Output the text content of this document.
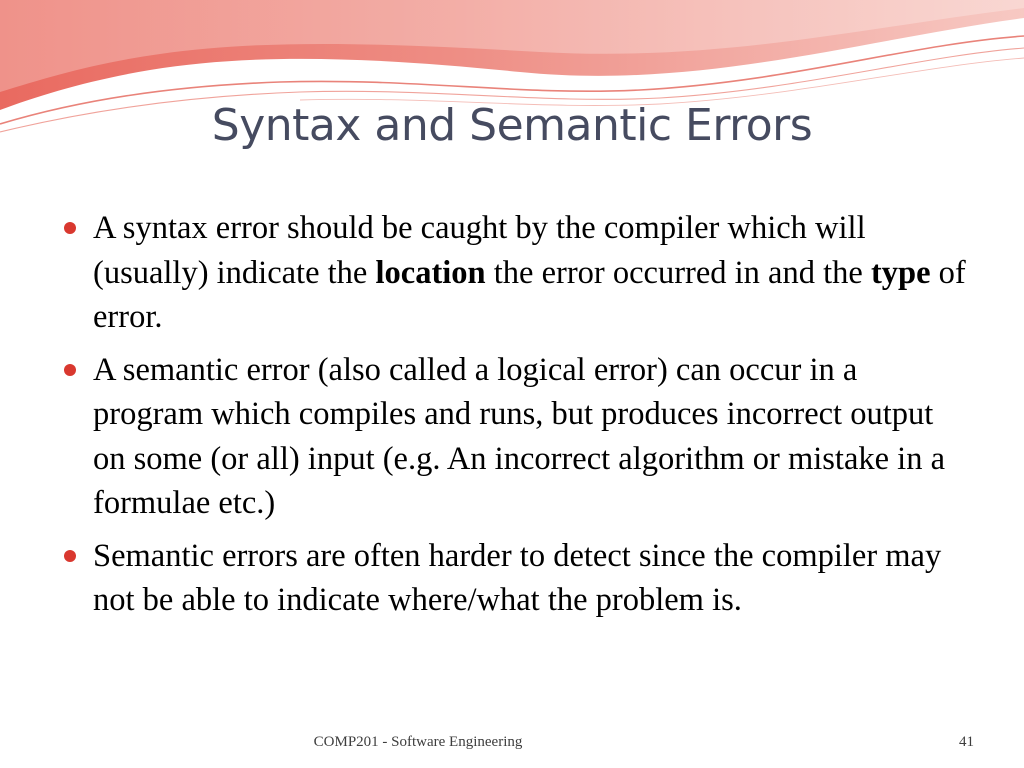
Syntax and Semantic Errors
A syntax error should be caught by the compiler which will (usually) indicate the location the error occurred in and the type of error.
A semantic error (also called a logical error) can occur in a program which compiles and runs, but produces incorrect output on some (or all) input (e.g. An incorrect algorithm or mistake in a formulae etc.)
Semantic errors are often harder to detect since the compiler may not be able to indicate where/what the problem is.
COMP201 - Software Engineering	41
